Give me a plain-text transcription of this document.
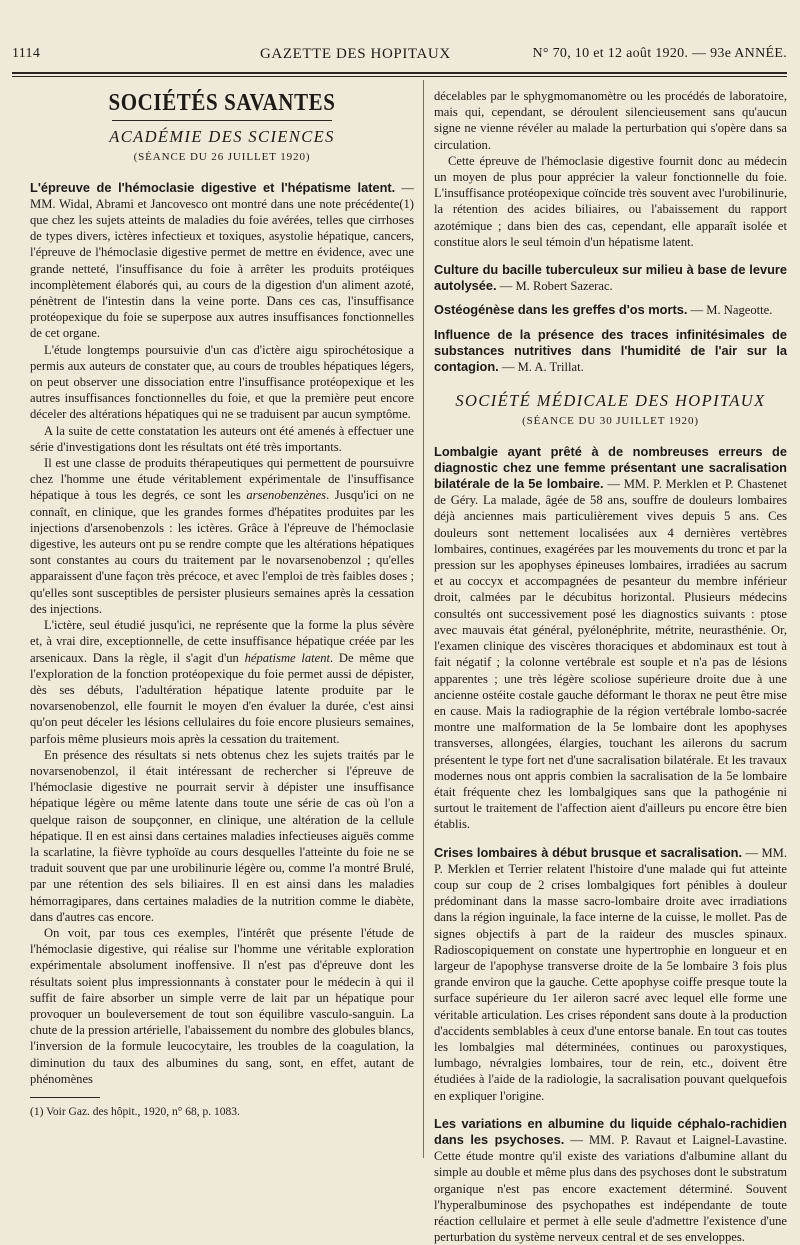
1114	GAZETTE DES HOPITAUX	N° 70, 10 et 12 août 1920. — 93e ANNÉE.
SOCIÉTÉS SAVANTES
ACADÉMIE DES SCIENCES
(SÉANCE DU 26 JUILLET 1920)

L'épreuve de l'hémoclasie digestive et l'hépatisme latent. — MM. Widal, Abrami et Jancovesco ont montré dans une note précédente(1) que chez les sujets atteints de maladies du foie avérées, telles que cirrhoses de types divers, ictères infectieux et toxiques, asystolie hépatique, cancers, l'épreuve de l'hémoclasie digestive permet de mettre en évidence, avec une grande netteté, l'insuffisance du foie à arrêter les produits protéiques incomplètement élaborés qui, au cours de la digestion d'un aliment azoté, pénètrent de l'intestin dans la veine porte. Dans ces cas, l'insuffisance protéopexique du foie se superpose aux autres insuffisances fonctionnelles de cet organe.

L'étude longtemps poursuivie d'un cas d'ictère aigu spirochétosique a permis aux auteurs de constater que, au cours de troubles hépatiques légers, on peut observer une dissociation entre l'insuffisance protéopexique et les autres insuffisances fonctionnelles du foie, et que la première peut encore déceler des altérations hépatiques qui ne se traduisent par aucun symptôme.

A la suite de cette constatation les auteurs ont été amenés à effectuer une série d'investigations dont les résultats ont été très importants.

Il est une classe de produits thérapeutiques qui permettent de poursuivre chez l'homme une étude véritablement expérimentale de l'insuffisance hépatique à tous les degrés, ce sont les arsenobenzènes. Jusqu'ici on ne connaît, en clinique, que les grandes formes d'hépatites produites par les injections d'arsenobenzols : les ictères. Grâce à l'épreuve de l'hémoclasie digestive, les auteurs ont pu se rendre compte que les altérations hépatiques sont constantes au cours du traitement par le novarsenobenzol ; qu'elles apparaissent d'une façon très précoce, et avec l'emploi de très faibles doses ; qu'elles sont susceptibles de persister plusieurs semaines après la cessation des injections.

L'ictère, seul étudié jusqu'ici, ne représente que la forme la plus sévère et, à vrai dire, exceptionnelle, de cette insuffisance hépatique créée par les arsenicaux. Dans la règle, il s'agit d'un hépatisme latent. De même que l'exploration de la fonction protéopexique du foie permet aussi de dépister, dès ses débuts, l'adultération hépatique latente produite par le novarsenobenzol, elle fournit le moyen d'en évaluer la durée, c'est ainsi qu'on peut déceler les lésions cellulaires du foie encore plusieurs semaines, parfois même plusieurs mois après la cessation du traitement.

En présence des résultats si nets obtenus chez les sujets traités par le novarsenobenzol, il était intéressant de rechercher si l'épreuve de l'hémoclasie digestive ne pourrait servir à dépister une insuffisance hépatique légère ou même latente dans toute une série de cas où l'on a quelque raison de soupçonner, en clinique, une altération de la cellule hépatique. Il en est ainsi dans certaines maladies infectieuses aiguës comme la scarlatine, la fièvre typhoïde au cours desquelles l'atteinte du foie ne se traduit souvent que par une urobilinurie légère ou, comme l'a montré Brulé, par une rétention des sels biliaires. Il en est ainsi dans les maladies hémorragipares, dans certaines maladies de la nutrition comme le diabète, dans d'autres cas encore.

On voit, par tous ces exemples, l'intérêt que présente l'étude de l'hémoclasie digestive, qui réalise sur l'homme une véritable exploration expérimentale absolument inoffensive. Il n'est pas d'épreuve dont les résultats soient plus impressionnants à constater pour le médecin à qui il suffit de faire absorber un simple verre de lait par un hépatique pour provoquer un bouleversement de tout son équilibre vasculo-sanguin. La chute de la pression artérielle, l'abaissement du nombre des globules blancs, l'inversion de la formule leucocytaire, les troubles de la coagulation, la diminution du taux des albumines du sang, sont, en effet, autant de phénomènes

(1) Voir Gaz. des hôpit., 1920, n° 68, p. 1083.

décelables par le sphygmomanomètre ou les procédés de laboratoire, mais qui, cependant, se déroulent silencieusement sans qu'aucun signe ne vienne révéler au malade la perturbation qui s'opère dans sa circulation.

Cette épreuve de l'hémoclasie digestive fournit donc au médecin un moyen de plus pour apprécier la valeur fonctionnelle du foie. L'insuffisance protéopexique coïncide très souvent avec l'urobilinurie, la rétention des acides biliaires, ou l'abaissement du rapport azotémique ; dans bien des cas, cependant, elle apparaît isolée et constitue alors le seul témoin d'un hépatisme latent.

Culture du bacille tuberculeux sur milieu à base de levure autolysée. — M. Robert Sazerac.

Ostéogénèse dans les greffes d'os morts. — M. Nageotte.

Influence de la présence des traces infinitésimales de substances nutritives dans l'humidité de l'air sur la contagion. — M. A. Trillat.

SOCIÉTÉ MÉDICALE DES HOPITAUX
(SÉANCE DU 30 JUILLET 1920)

Lombalgie ayant prêté à de nombreuses erreurs de diagnostic chez une femme présentant une sacralisation bilatérale de la 5e lombaire. — MM. P. Merklen et P. Chastenet de Géry. La malade, âgée de 58 ans, souffre de douleurs lombaires déjà anciennes mais particulièrement vives depuis 5 ans. Ces douleurs sont nettement localisées aux 4 dernières vertèbres lombaires, continues, exagérées par les mouvements du tronc et par la pression sur les apophyses épineuses lombaires, irradiées au sacrum et au coccyx et accompagnées de pesanteur du membre inférieur droit, calmées par le décubitus horizontal. Plusieurs médecins consultés ont successivement posé les diagnostics suivants : ptose avec mauvais état général, pyélonéphrite, métrite, neurasthénie. Or, l'examen clinique des viscères thoraciques et abdominaux est tout à fait négatif ; la colonne vertébrale est souple et n'a pas de lésions apparentes ; une très légère scoliose supérieure droite due à une ancienne ostéite costale gauche déformant le thorax ne peut être mise en cause. Mais la radiographie de la région vertébrale lombo-sacrée montre une malformation de la 5e lombaire dont les apophyses transverses, allongées, élargies, touchant les ailerons du sacrum présentent le type fort net d'une sacralisation bilatérale. Et les travaux modernes nous ont appris combien la sacralisation de la 5e lombaire était fréquente chez les lombalgiques sans que la pathogénie ni surtout le traitement de l'affection aient d'ailleurs pu encore être bien établis.

Crises lombaires à début brusque et sacralisation. — MM. P. Merklen et Terrier relatent l'histoire d'une malade qui fut atteinte coup sur coup de 2 crises lombalgiques fort pénibles à douleur prédominant dans la masse sacro-lombaire droite avec irradiations dans la région inguinale, la face interne de la cuisse, le mollet. Pas de signes objectifs à part de la raideur des muscles spinaux. Radioscopiquement on constate une hypertrophie en longueur et en largeur de l'apophyse transverse droite de la 5e lombaire 3 fois plus grande environ que la gauche. Cette apophyse coiffe presque toute la surface supérieure du 1er aileron sacré avec lequel elle forme une véritable articulation. Les crises répondent sans doute à la production d'accidents semblables à ceux d'une entorse banale. En tout cas toutes les lombalgies mal déterminées, continues ou paroxystiques, lumbago, névralgies lombaires, tour de rein, etc., doivent être étudiées à l'aide de la radiologie, la sacralisation pouvant quelquefois en expliquer l'origine.

Les variations en albumine du liquide céphalo-rachidien dans les psychoses. — MM. P. Ravaut et Laignel-Lavastine. Cette étude montre qu'il existe des variations d'albumine allant du simple au double et même plus dans des psychoses dont le substratum organique n'est pas encore exactement déterminé. Souvent l'hyperalbuminose des psychopathes est indépendante de toute réaction cellulaire et permet à elle seule d'admettre l'existence d'une perturbation du système nerveux central et de ses enveloppes.
